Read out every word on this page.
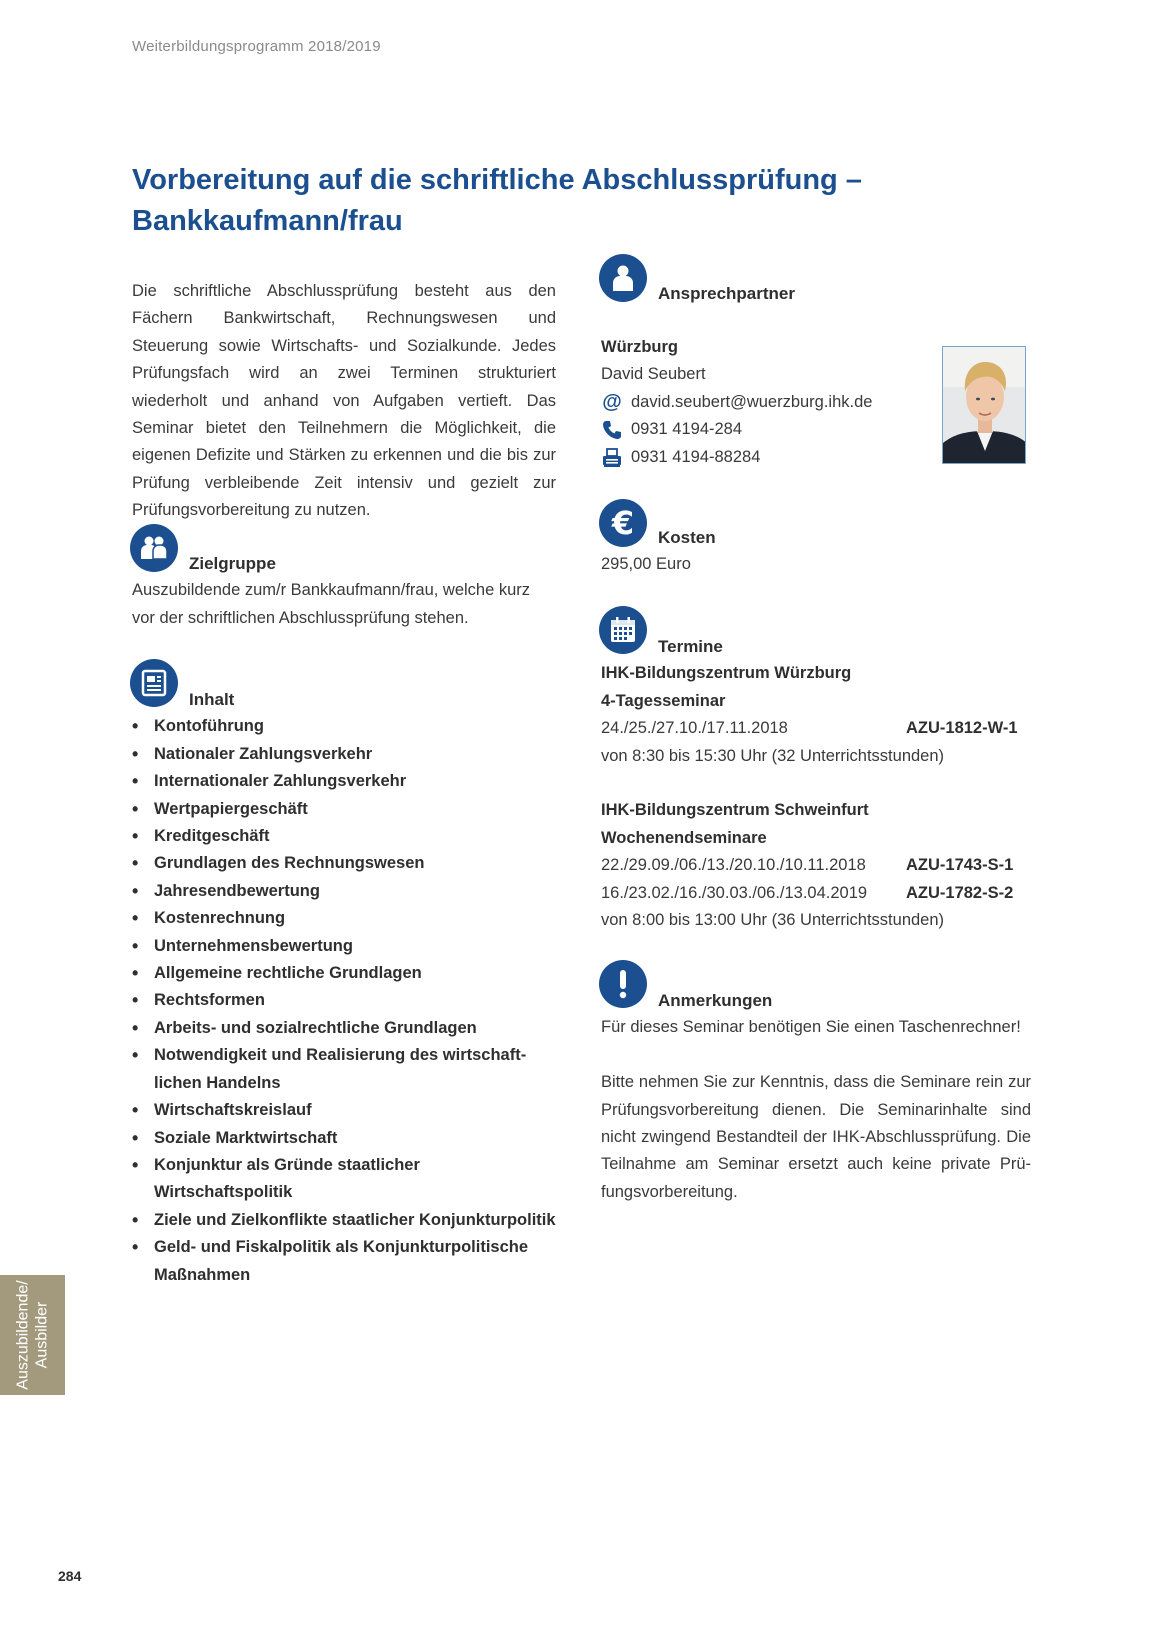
Weiterbildungsprogramm 2018/2019
Vorbereitung auf die schriftliche Abschlussprüfung –
Bankkaufmann/frau

Die schriftliche Abschlussprüfung besteht aus den Fächern Bankwirtschaft, Rechnungswesen und Steuerung sowie Wirtschafts- und Sozialkunde. Jedes Prüfungsfach wird an zwei Terminen strukturiert wiederholt und anhand von Aufgaben vertieft. Das Seminar bietet den Teilnehmern die Möglichkeit, die eigenen Defizite und Stärken zu erkennen und die bis zur Prüfung verbleibende Zeit intensiv und gezielt zur Prüfungsvorbereitung zu nutzen.

Zielgruppe

Auszubildende zum/r Bankkaufmann/frau, welche kurz vor der schriftlichen Abschlussprüfung stehen.

Inhalt
• Kontoführung
• Nationaler Zahlungsverkehr
• Internationaler Zahlungsverkehr
• Wertpapiergeschäft
• Kreditgeschäft
• Grundlagen des Rechnungswesen
• Jahresendbewertung
• Kostenrechnung
• Unternehmensbewertung
• Allgemeine rechtliche Grundlagen
• Rechtsformen
• Arbeits- und sozialrechtliche Grundlagen
• Notwendigkeit und Realisierung des wirtschaft-lichen Handelns
• Wirtschaftskreislauf
• Soziale Marktwirtschaft
• Konjunktur als Gründe staatlicher Wirtschaftspolitik
• Ziele und Zielkonflikte staatlicher Konjunkturpolitik
• Geld- und Fiskalpolitik als Konjunkturpolitische Maßnahmen
Ansprechpartner
Würzburg
David Seubert
@ david.seubert@wuerzburg.ihk.de
0931 4194-284
0931 4194-88284
€	Kosten
295,00 Euro
Termine
IHK-Bildungszentrum Würzburg
4-Tagesseminar
24./25./27.10./17.11.2018	AZU-1812-W-1
von 8:30 bis 15:30 Uhr (32 Unterrichtsstunden)
IHK-Bildungszentrum Schweinfurt
Wochenendseminare
22./29.09./06./13./20.10./10.11.2018 AZU-1743-S-1
16./23.02./16./30.03./06./13.04.2019 AZU-1782-S-2
von 8:00 bis 13:00 Uhr (36 Unterrichtsstunden)
Anmerkungen
Für dieses Seminar benötigen Sie einen Taschenrechner!

Bitte nehmen Sie zur Kenntnis, dass die Seminare rein zur Prüfungsvorbereitung dienen. Die Seminarinhalte sind nicht zwingend Bestandteil der IHK-Abschlussprüfung. Die Teilnahme am Seminar ersetzt auch keine private Prü-fungsvorbereitung.

Auszubildende/ Ausbilder
284
